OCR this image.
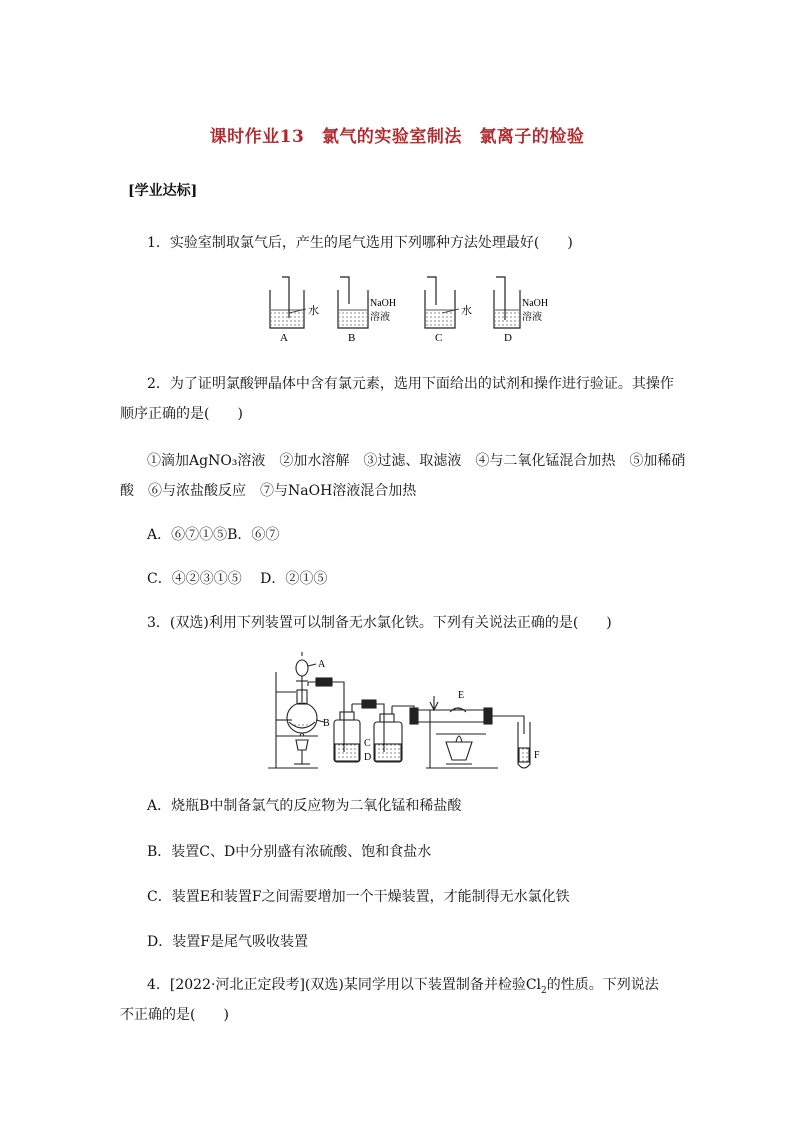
课时作业13　氯气的实验室制法　氯离子的检验
[学业达标]
1．实验室制取氯气后，产生的尾气选用下列哪种方法处理最好(　　)
水
A
NaOH
溶液
B
水
C
NaOH
溶液
D
2．为了证明氯酸钾晶体中含有氯元素，选用下面给出的试剂和操作进行验证。其操作
顺序正确的是(　　)
①滴加AgNO₃溶液　②加水溶解　③过滤、取滤液　④与二氧化锰混合加热　⑤加稀硝
酸　⑥与浓盐酸反应　⑦与NaOH溶液混合加热
A．⑥⑦①⑤B．⑥⑦
C．④②③①⑤　 D．②①⑤
3．(双选)利用下列装置可以制备无水氯化铁。下列有关说法正确的是(　　)
A
B
C
D
E
F
A．烧瓶B中制备氯气的反应物为二氧化锰和稀盐酸
B．装置C、D中分别盛有浓硫酸、饱和食盐水
C．装置E和装置F之间需要增加一个干燥装置，才能制得无水氯化铁
D．装置F是尾气吸收装置
4．[2022·河北正定段考](双选)某同学用以下装置制备并检验$Cl_2$的性质。下列说法
不正确的是(　　)
